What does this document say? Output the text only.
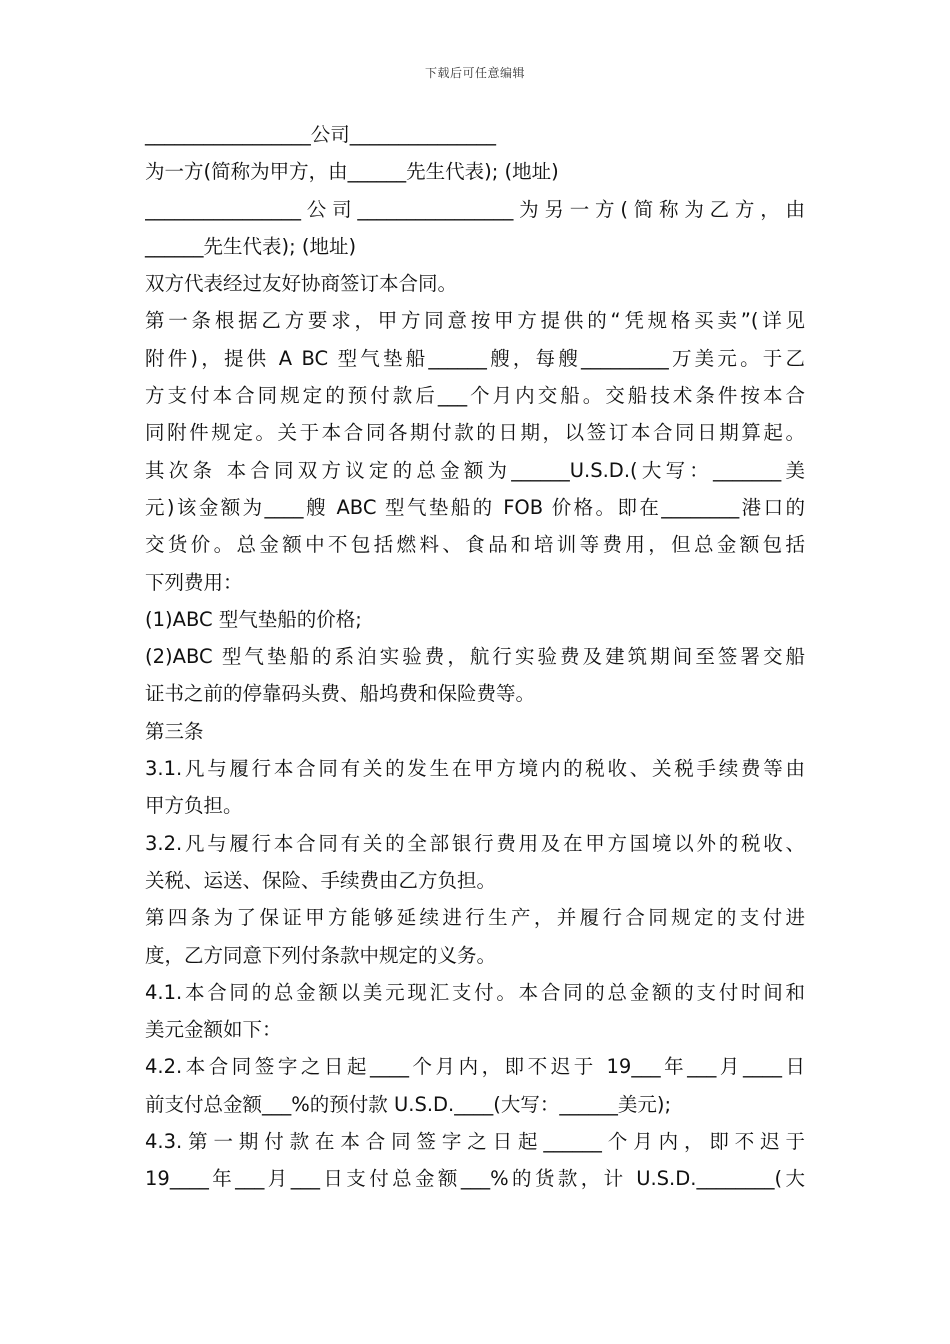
下载后可任意编辑
_________________公司_______________
为一方(简称为甲方，由______先生代表); (地址)
________________公司________________为另一方(简称为乙方，由
______先生代表); (地址)
双方代表经过友好协商签订本合同。
第一条根据乙方要求，甲方同意按甲方提供的“凭规格买卖”(详见
附件)，提供 A BC 型气垫船______艘，每艘_________万美元。于乙
方支付本合同规定的预付款后___个月内交船。交船技术条件按本合
同附件规定。关于本合同各期付款的日期，以签订本合同日期算起。
其次条 本合同双方议定的总金额为______U.S.D.(大写：_______美
元)该金额为____艘 ABC 型气垫船的 FOB 价格。即在________港口的
交货价。总金额中不包括燃料、食品和培训等费用，但总金额包括
下列费用：
(1)ABC 型气垫船的价格;
(2)ABC 型气垫船的系泊实验费，航行实验费及建筑期间至签署交船
证书之前的停靠码头费、船坞费和保险费等。
第三条
3.1.凡与履行本合同有关的发生在甲方境内的税收、关税手续费等由
甲方负担。
3.2.凡与履行本合同有关的全部银行费用及在甲方国境以外的税收、
关税、运送、保险、手续费由乙方负担。
第四条为了保证甲方能够延续进行生产，并履行合同规定的支付进
度，乙方同意下列付条款中规定的义务。
4.1.本合同的总金额以美元现汇支付。本合同的总金额的支付时间和
美元金额如下：
4.2.本合同签字之日起____个月内，即不迟于 19___年___月____日
前支付总金额___%的预付款 U.S.D.____(大写：______美元);
4.3.第一期付款在本合同签字之日起______个月内，即不迟于
19____年___月___日支付总金额___%的货款，计 U.S.D.________(大
